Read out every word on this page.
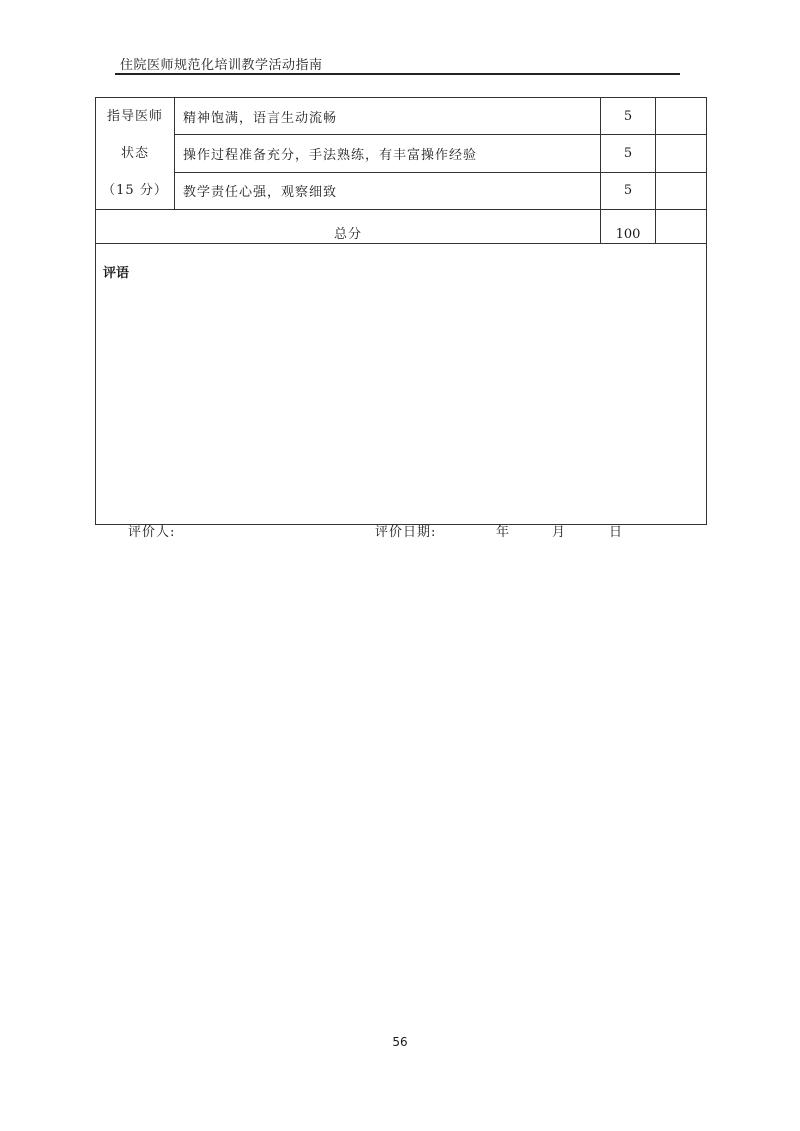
住院医师规范化培训教学活动指南
指导医师
状态
（15 分）	精神饱满，语言生动流畅	5	
	操作过程准备充分，手法熟练，有丰富操作经验	5	
	教学责任心强，观察细致	5	
总分		100	
评语			
评价人:	评价日期:	年	月	日
56
